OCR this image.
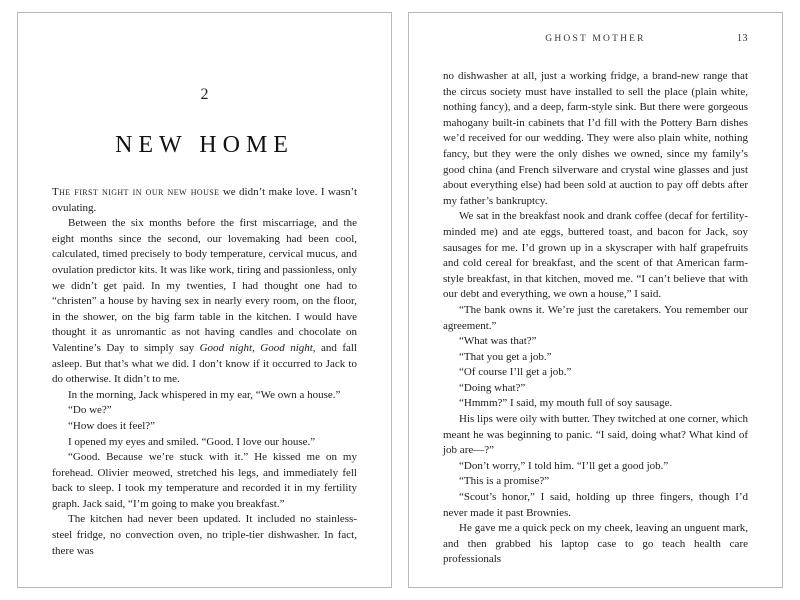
2
NEW HOME

The first night in our new house we didn’t make love. I wasn’t ovulating.

Between the six months before the first miscarriage, and the eight months since the second, our lovemaking had been cool, calculated, timed precisely to body temperature, cervical mucus, and ovulation predictor kits. It was like work, tiring and passionless, only we didn’t get paid. In my twenties, I had thought one had to “christen” a house by having sex in nearly every room, on the floor, in the shower, on the big farm table in the kitchen. I would have thought it as unromantic as not having candles and chocolate on Valentine’s Day to simply say Good night, Good night, and fall asleep. But that’s what we did. I don’t know if it occurred to Jack to do otherwise. It didn’t to me.

In the morning, Jack whispered in my ear, “We own a house.”

“Do we?”

“How does it feel?”

I opened my eyes and smiled. “Good. I love our house.”

“Good. Because we’re stuck with it.” He kissed me on my forehead. Olivier meowed, stretched his legs, and immediately fell back to sleep. I took my temperature and recorded it in my fertility graph. Jack said, “I’m going to make you breakfast.”

The kitchen had never been updated. It included no stainless-steel fridge, no convection oven, no triple-tier dishwasher. In fact, there was

GHOST MOTHER	13

no dishwasher at all, just a working fridge, a brand-new range that the circus society must have installed to sell the place (plain white, nothing fancy), and a deep, farm-style sink. But there were gorgeous mahogany built-in cabinets that I’d fill with the Pottery Barn dishes we’d received for our wedding. They were also plain white, nothing fancy, but they were the only dishes we owned, since my family’s good china (and French silverware and crystal wine glasses and just about everything else) had been sold at auction to pay off debts after my father’s bankruptcy.

We sat in the breakfast nook and drank coffee (decaf for fertility-minded me) and ate eggs, buttered toast, and bacon for Jack, soy sausages for me. I’d grown up in a skyscraper with half grapefruits and cold cereal for breakfast, and the scent of that American farm-style breakfast, in that kitchen, moved me. “I can’t believe that with our debt and everything, we own a house,” I said.

“The bank owns it. We’re just the caretakers. You remember our agreement.”

“What was that?”

“That you get a job.”

“Of course I’ll get a job.”

“Doing what?”

“Hmmm?” I said, my mouth full of soy sausage.

His lips were oily with butter. They twitched at one corner, which meant he was beginning to panic. “I said, doing what? What kind of job are—?”

“Don’t worry,” I told him. “I’ll get a good job.”

“This is a promise?”

“Scout’s honor,” I said, holding up three fingers, though I’d never made it past Brownies.

He gave me a quick peck on my cheek, leaving an unguent mark, and then grabbed his laptop case to go teach health care professionals
